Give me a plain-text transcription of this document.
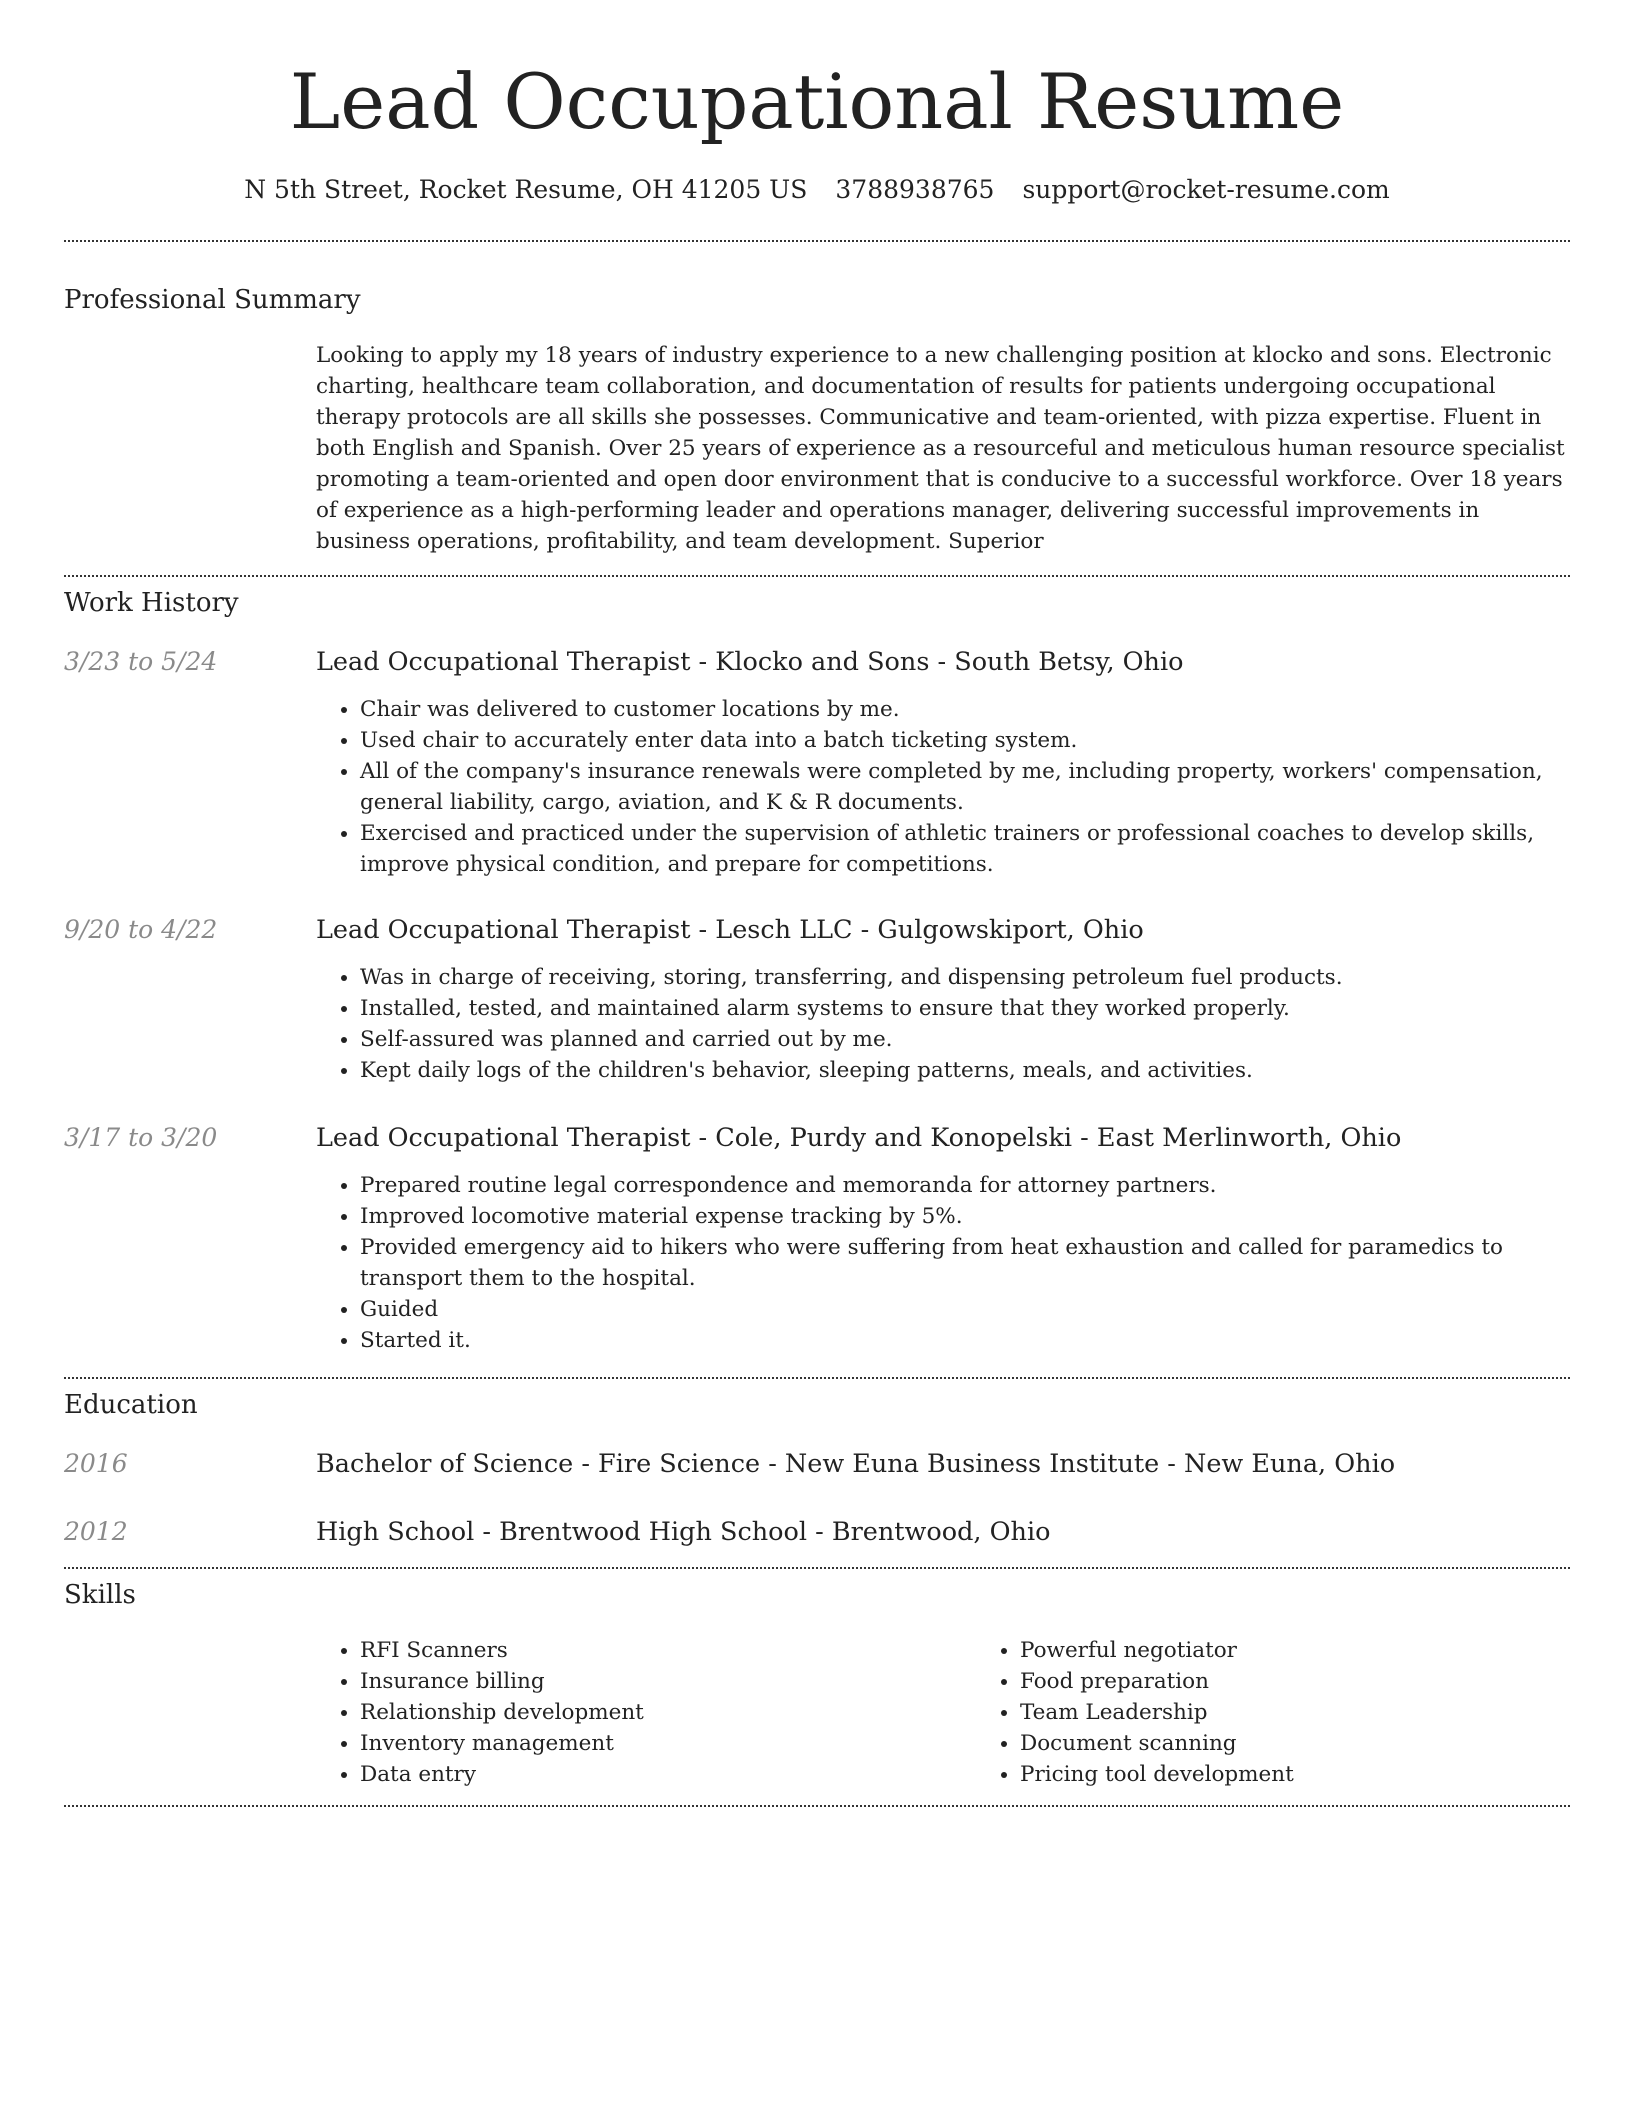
Lead Occupational Resume
N 5th Street, Rocket Resume, OH 41205 US 3788938765 support@rocket-resume.com
Professional Summary

Looking to apply my 18 years of industry experience to a new challenging position at klocko and sons. Electronic charting, healthcare team collaboration, and documentation of results for patients undergoing occupational therapy protocols are all skills she possesses. Communicative and team-oriented, with pizza expertise. Fluent in both English and Spanish. Over 25 years of experience as a resourceful and meticulous human resource specialist promoting a team-oriented and open door environment that is conducive to a successful workforce. Over 18 years of experience as a high-performing leader and operations manager, delivering successful improvements in business operations, profitability, and team development. Superior

Work History
3/23 to 5/24	Lead Occupational Therapist - Klocko and Sons - South Betsy, Ohio

• Chair was delivered to customer locations by me.
• Used chair to accurately enter data into a batch ticketing system.
• All of the company's insurance renewals were completed by me, including property, workers' compensation, general liability, cargo, aviation, and K & R documents.
• Exercised and practiced under the supervision of athletic trainers or professional coaches to develop skills, improve physical condition, and prepare for competitions.
9/20 to 4/22	Lead Occupational Therapist - Lesch LLC - Gulgowskiport, Ohio

• Was in charge of receiving, storing, transferring, and dispensing petroleum fuel products.
• Installed, tested, and maintained alarm systems to ensure that they worked properly.
• Self-assured was planned and carried out by me.
• Kept daily logs of the children's behavior, sleeping patterns, meals, and activities.
3/17 to 3/20	Lead Occupational Therapist - Cole, Purdy and Konopelski - East Merlinworth, Ohio

• Prepared routine legal correspondence and memoranda for attorney partners.
• Improved locomotive material expense tracking by 5%.
• Provided emergency aid to hikers who were suffering from heat exhaustion and called for paramedics to transport them to the hospital.
• Guided
• Started it.
Education
2016	Bachelor of Science - Fire Science - New Euna Business Institute - New Euna, Ohio

2012	High School - Brentwood High School - Brentwood, Ohio

Skills
• RFI Scanners
• Insurance billing
• Relationship development
• Inventory management
• Data entry
• Powerful negotiator
• Food preparation
• Team Leadership
• Document scanning
• Pricing tool development
